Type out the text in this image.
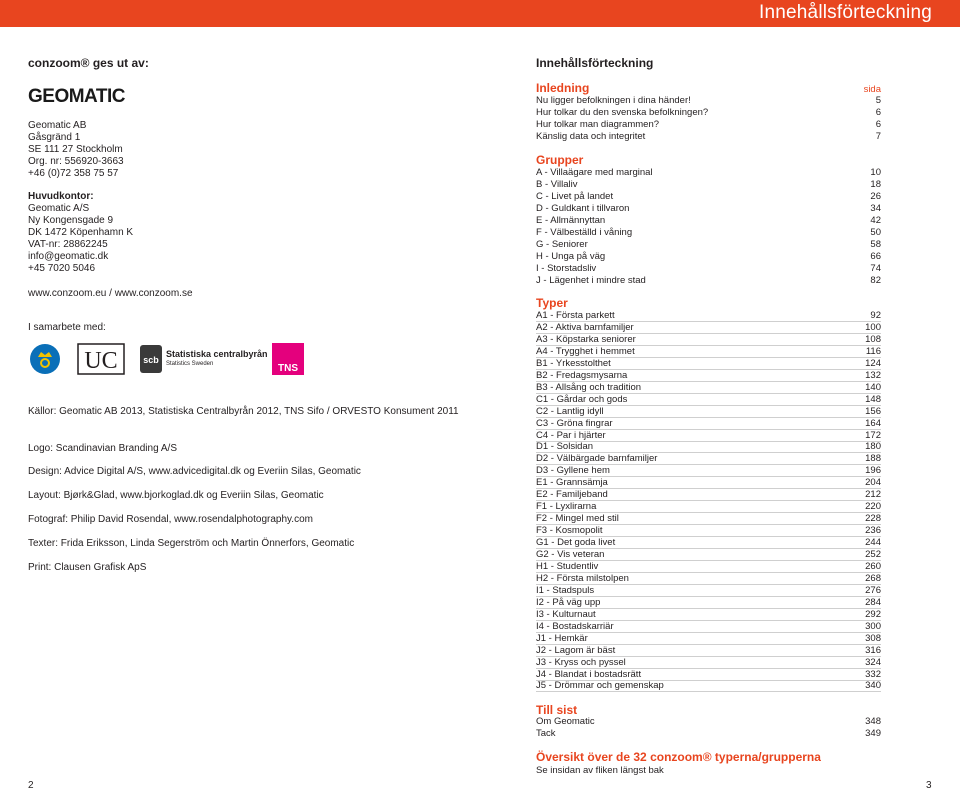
Innehållsförteckning
conzoom® ges ut av:
GEOMATIC
Geomatic AB
Gåsgränd 1
SE 111 27 Stockholm
Org. nr: 556920-3663
+46 (0)72 358 75 57
Huvudkontor:
Geomatic A/S
Ny Kongensgade 9
DK 1472 Köpenhamn K
VAT-nr: 28862245
info@geomatic.dk
+45 7020 5046
www.conzoom.eu / www.conzoom.se
I samarbete med:
UC	scb
Statistiska centralbyrån
Statistics Sweden	TNS
Källor: Geomatic AB 2013, Statistiska Centralbyrån 2012, TNS Sifo / ORVESTO Konsument 2011
Logo: Scandinavian Branding A/S
Design: Advice Digital A/S, www.advicedigital.dk og Everiin Silas, Geomatic
Layout: Bjørk&Glad, www.bjorkoglad.dk og Everiin Silas, Geomatic
Fotograf: Philip David Rosendal, www.rosendalphotography.com
Texter: Frida Eriksson, Linda Segerström och Martin Önnerfors, Geomatic
Print: Clausen Grafisk ApS
2
Innehållsförteckning
sida
Inledning
Nu ligger befolkningen i dina händer!	5
Hur tolkar du den svenska befolkningen?	6
Hur tolkar man diagrammen?	6
Känslig data och integritet	7
Grupper
A - Villaägare med marginal	10
B - Villaliv	18
C - Livet på landet	26
D - Guldkant i tillvaron	34
E - Allmännyttan	42
F - Välbeställd i våning	50
G - Seniorer	58
H - Unga på väg	66
I - Storstadsliv	74
J - Lägenhet i mindre stad	82
Typer
A1 - Första parkett	92
A2 - Aktiva barnfamiljer	100
A3 - Köpstarka seniorer	108
A4 - Trygghet i hemmet	116
B1 - Yrkesstolthet	124
B2 - Fredagsmysarna	132
B3 - Allsång och tradition	140
C1 - Gårdar och gods	148
C2 - Lantlig idyll	156
C3 - Gröna fingrar	164
C4 - Par i hjärter	172
D1 - Solsidan	180
D2 - Välbärgade barnfamiljer	188
D3 - Gyllene hem	196
E1 - Grannsämja	204
E2 - Familjeband	212
F1 - Lyxlirarna	220
F2 - Mingel med stil	228
F3 - Kosmopolit	236
G1 - Det goda livet	244
G2 - Vis veteran	252
H1 - Studentliv	260
H2 - Första milstolpen	268
I1 - Stadspuls	276
I2 - På väg upp	284
I3 - Kulturnaut	292
I4 - Bostadskarriär	300
J1 - Hemkär	308
J2 - Lagom är bäst	316
J3 - Kryss och pyssel	324
J4 - Blandat i bostadsrätt	332
J5 - Drömmar och gemenskap	340
Till sist
Om Geomatic	348
Tack	349
Översikt över de 32 conzoom® typerna/grupperna
Se insidan av fliken längst bak
3
